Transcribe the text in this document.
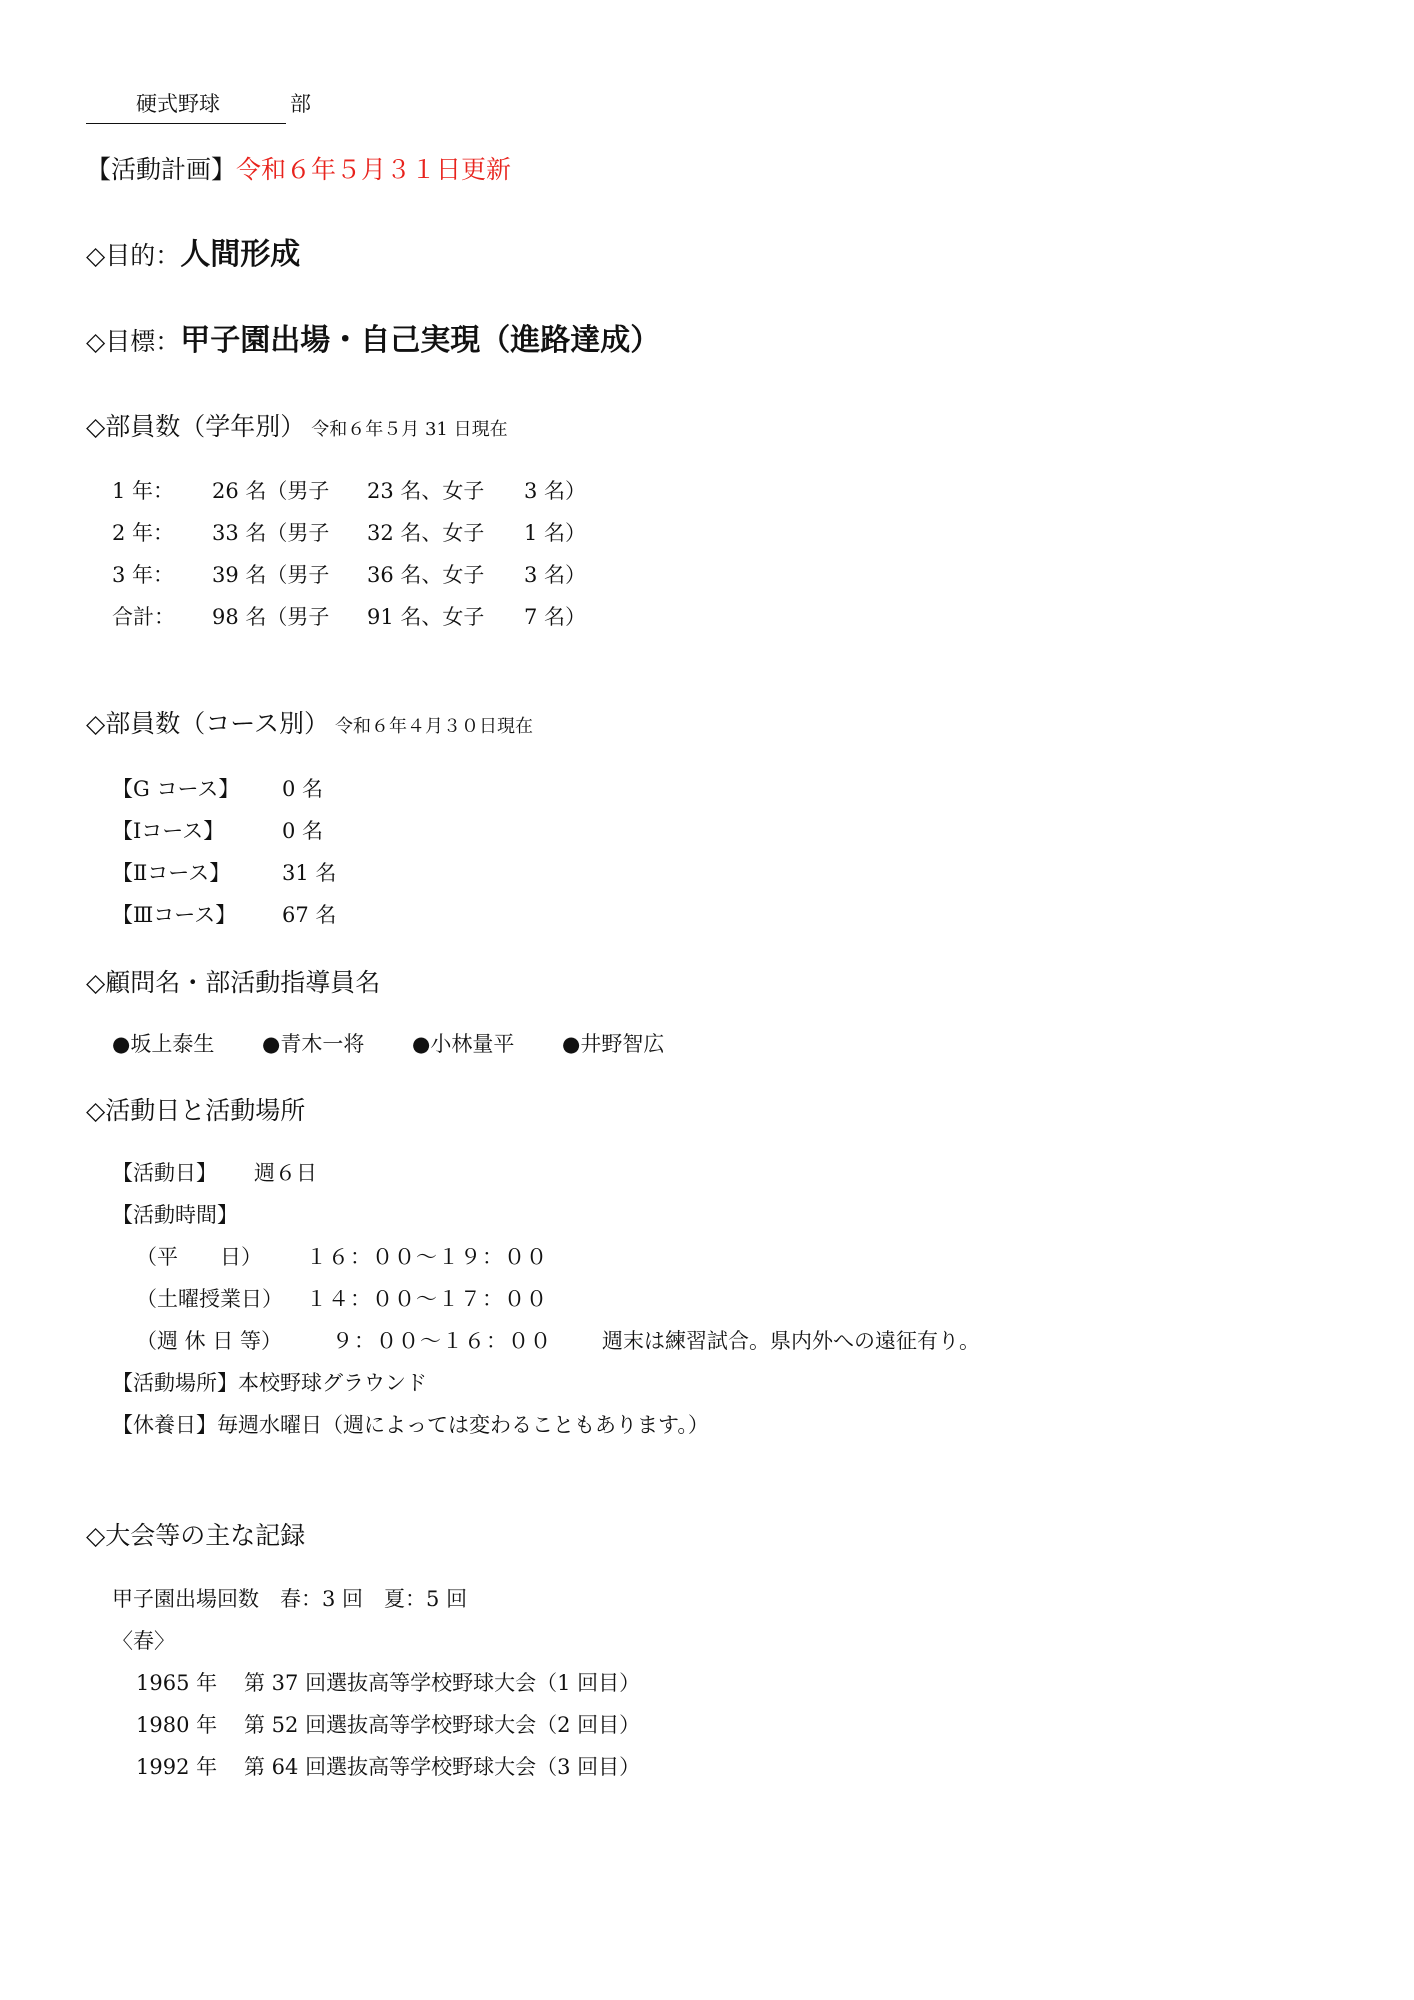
硬式野球	部
【活動計画】令和６年５月３１日更新
◇目的：人間形成
◇目標：甲子園出場・自己実現（進路達成）
◇部員数（学年別） 令和６年５月 31 日現在
1 年： 26 名（男子 23 名、女子 3 名）
2 年： 33 名（男子 32 名、女子 1 名）
3 年： 39 名（男子 36 名、女子 3 名）
合計： 98 名（男子 91 名、女子 7 名）
◇部員数（コース別） 令和６年４月３０日現在
【G コース】 0 名
【Ⅰコース】	0 名
【Ⅱコース】 31 名
【Ⅲコース】 67 名
◇顧問名・部活動指導員名
●坂上泰生 ●青木一将 ●小林量平 ●井野智広
◇活動日と活動場所
【活動日】 週６日
【活動時間】
（平　　日） １６：００～１９：００
（土曜授業日） １４：００～１７：００
（週 休 日 等） ９：００～１６：００ 週末は練習試合。県内外への遠征有り。
【活動場所】本校野球グラウンド
【休養日】毎週水曜日（週によっては変わることもあります。）
◇大会等の主な記録
甲子園出場回数　春：3 回　夏：5 回
〈春〉
1965 年 第 37 回選抜高等学校野球大会（1 回目）
1980 年 第 52 回選抜高等学校野球大会（2 回目）
1992 年 第 64 回選抜高等学校野球大会（3 回目）
